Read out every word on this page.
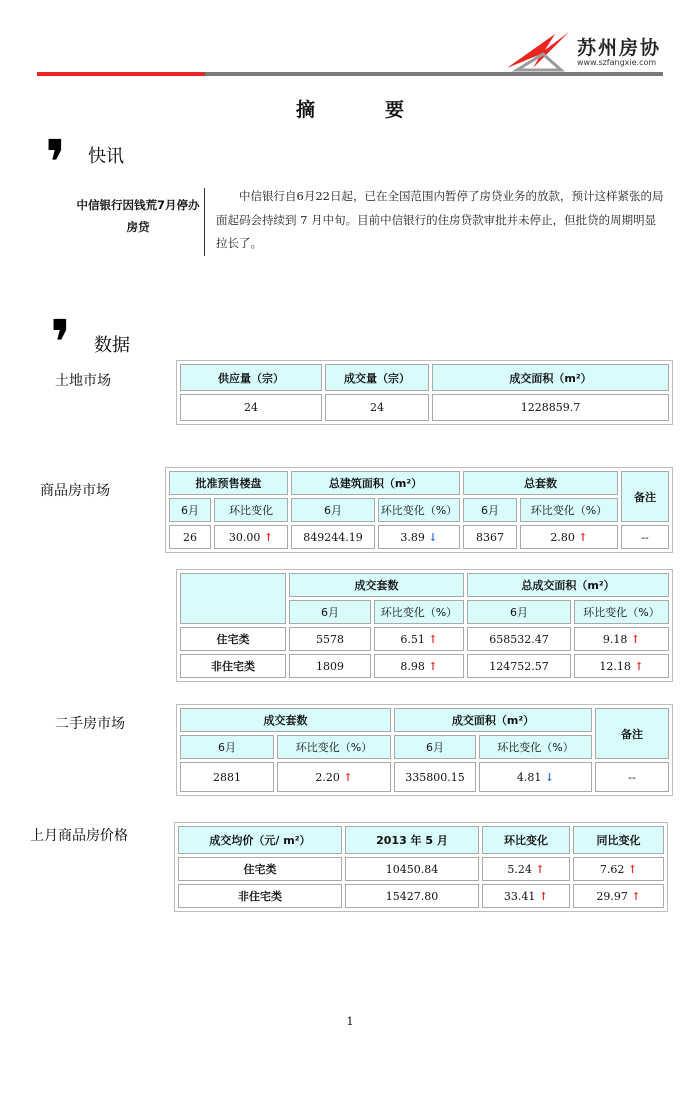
苏州房协
www.szfangxie.com
摘要
❜ 快讯
中信银行因钱荒7月停办房贷
中信银行自6月22日起，已在全国范围内暂停了房贷业务的放款，预计这样紧张的局面起码会持续到 7 月中旬。目前中信银行的住房贷款审批并未停止，但批贷的周期明显拉长了。
❜ 数据
土地市场	供应量（宗）	成交量（宗）	成交面积（m²）
24	24	1228859.7
商品房市场	批准预售楼盘		总建筑面积（m²）		总套数		备注
6月	环比变化	6月	环比变化（%）	6月	环比变化（%）	
26	30.00 ↑	849244.19	3.89 ↓	8367	2.80 ↑	--
	成交套数		总成交面积（m²）	
	6月	环比变化（%）	6月	环比变化（%）
住宅类	5578	6.51 ↑	658532.47	9.18 ↑
非住宅类	1809	8.98 ↑	124752.57	12.18 ↑
二手房市场	成交套数		成交面积（m²）		备注
6月	环比变化（%）	6月	环比变化（%）	
2881	2.20 ↑	335800.15	4.81 ↓	--
上月商品房价格	成交均价（元/ m²）	2013 年 5 月	环比变化	同比变化
住宅类	10450.84	5.24 ↑	7.62 ↑
非住宅类	15427.80	33.41 ↑	29.97 ↑
1
